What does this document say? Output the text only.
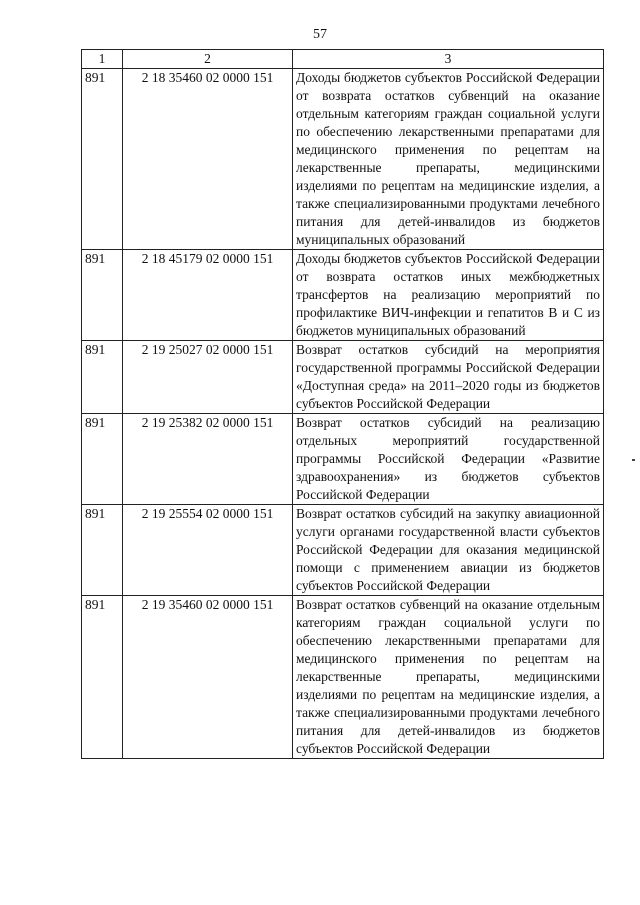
57
1	2	3
891	2 18 35460 02 0000 151	Доходы бюджетов субъектов Российской Федерации от возврата остатков субвенций на оказание отдельным категориям граждан социальной услуги по обеспечению лекарственными препаратами для медицинского применения по рецептам на лекарственные препараты, медицинскими изделиями по рецептам на медицинские изделия, а также специализированными продуктами лечебного питания для детей-инвалидов из бюджетов муниципальных образований
891	2 18 45179 02 0000 151	Доходы бюджетов субъектов Российской Федерации от возврата остатков иных межбюджетных трансфертов на реализацию мероприятий по профилактике ВИЧ-инфекции и гепатитов B и C из бюджетов муниципальных образований
891	2 19 25027 02 0000 151	Возврат остатков субсидий на мероприятия государственной программы Российской Федерации «Доступная среда» на 2011–2020 годы из бюджетов субъектов Российской Федерации
891	2 19 25382 02 0000 151	Возврат остатков субсидий на реализацию отдельных мероприятий государственной программы Российской Федерации «Развитие здравоохранения» из бюджетов субъектов Российской Федерации
891	2 19 25554 02 0000 151	Возврат остатков субсидий на закупку авиационной услуги органами государственной власти субъектов Российской Федерации для оказания медицинской помощи с применением авиации из бюджетов субъектов Российской Федерации
891	2 19 35460 02 0000 151	Возврат остатков субвенций на оказание отдельным категориям граждан социальной услуги по обеспечению лекарственными препаратами для медицинского применения по рецептам на лекарственные препараты, медицинскими изделиями по рецептам на медицинские изделия, а также специализированными продуктами лечебного питания для детей-инвалидов из бюджетов субъектов Российской Федерации
